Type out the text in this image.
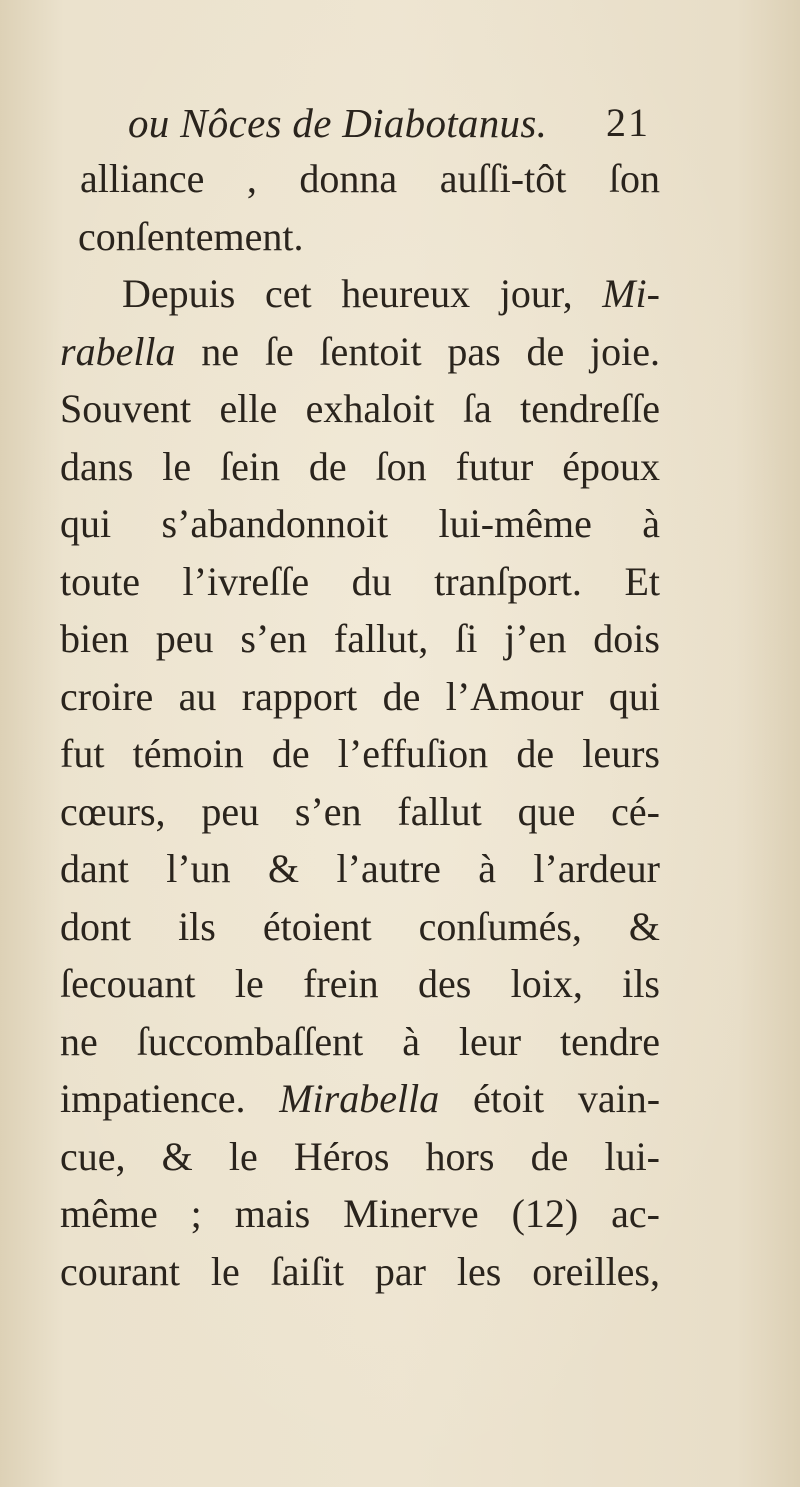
ou Nôces de Diabotanus. 21
alliance , donna auſſi-tôt ſon
conſentement.
Depuis cet heureux jour, Mi-
rabella ne ſe ſentoit pas de joie.
Souvent elle exhaloit ſa tendreſſe
dans le ſein de ſon futur époux
qui s’abandonnoit lui-même à
toute l’ivreſſe du tranſport. Et
bien peu s’en fallut, ſi j’en dois
croire au rapport de l’Amour qui
fut témoin de l’effuſion de leurs
cœurs, peu s’en fallut que cé-
dant l’un & l’autre à l’ardeur
dont ils étoient conſumés, &
ſecouant le frein des loix, ils
ne ſuccombaſſent à leur tendre
impatience. Mirabella étoit vain-
cue, & le Héros hors de lui-
même ; mais Minerve (12) ac-
courant le ſaiſit par les oreilles,
